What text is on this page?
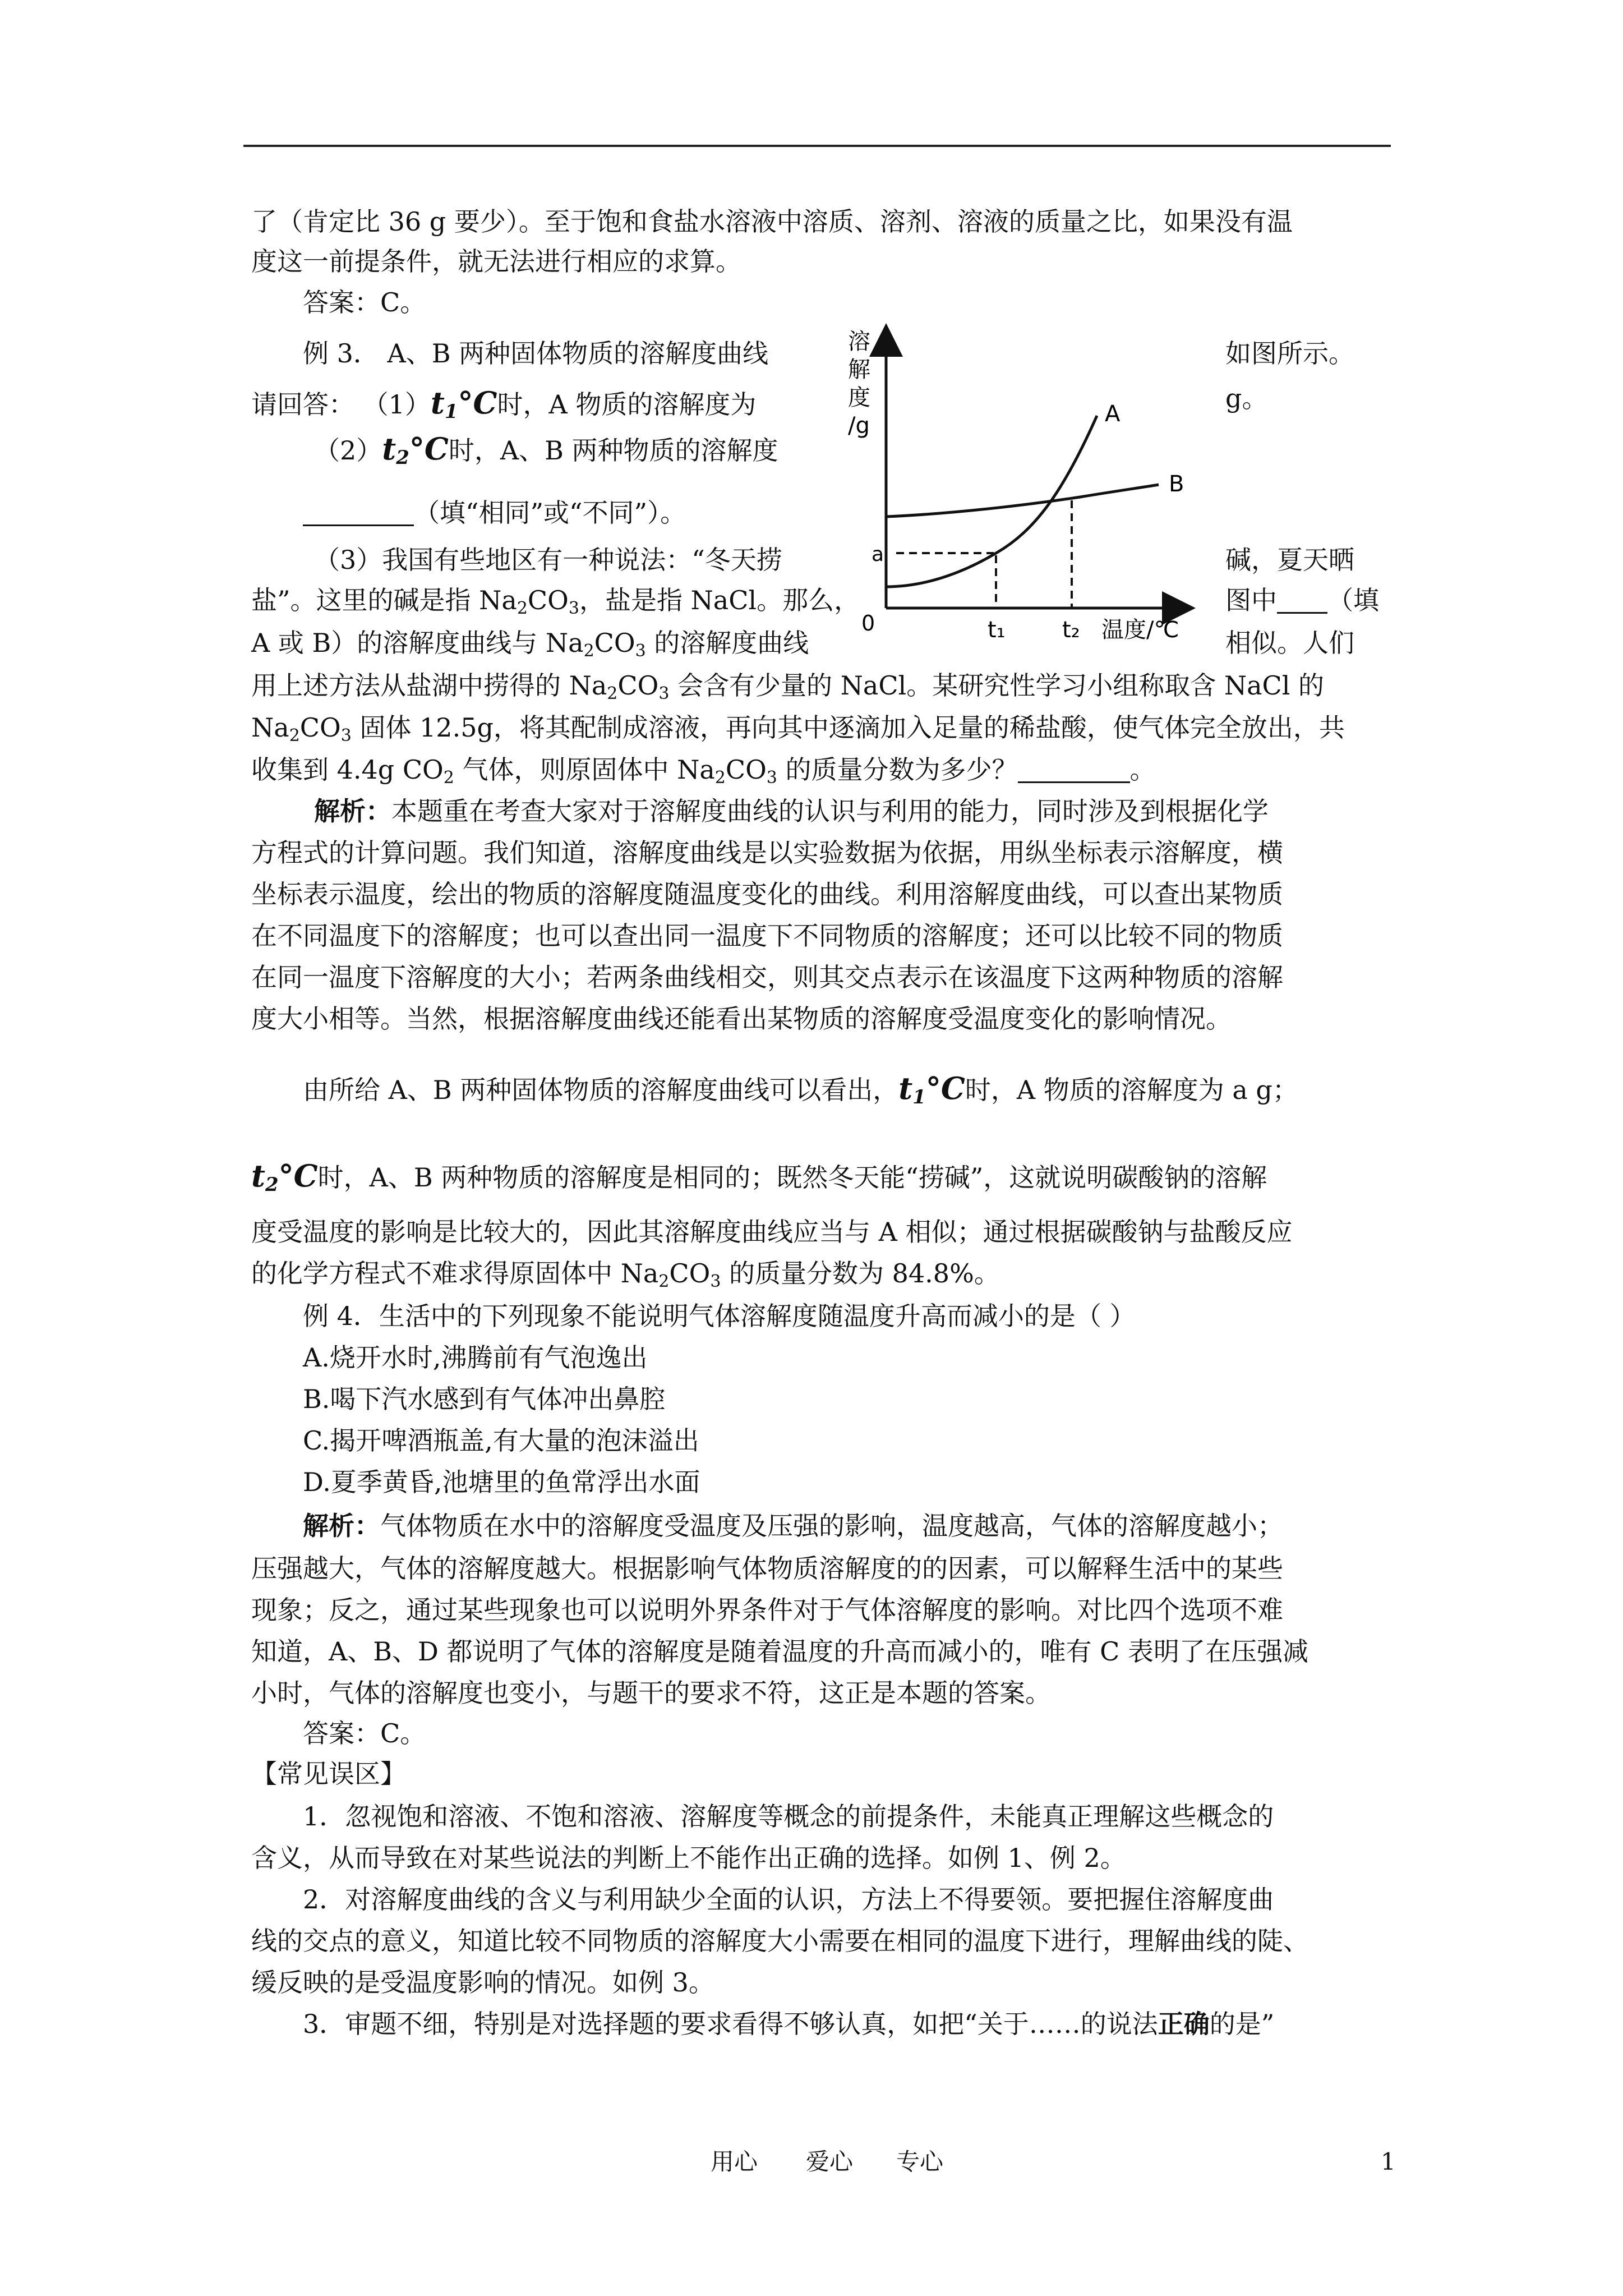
了（肯定比 36 g 要少）。至于饱和食盐水溶液中溶质、溶剂、溶液的质量之比，如果没有温
度这一前提条件，就无法进行相应的求算。
答案：C。
例 3． A、B 两种固体物质的溶解度曲线	如图所示。
请回答： $(1)t_1^\circ C$时，A 物质的溶解度为	g。
$(2)t_2^\circ C$时，A、B 两种物质的溶解度
（填“相同”或“不同”）。
（3）我国有些地区有一种说法：“冬天捞	碱，夏天晒
盐”。这里的碱是指 $Na_2CO_3$，盐是指 NaCl。那么，	图中 （填
A 或 B）的溶解度曲线与 $Na_2CO_3$ 的溶解度曲线	相似。人们
用上述方法从盐湖中捞得的 $Na_2CO_3$ 会含有少量的 NaCl。某研究性学习小组称取含 NaCl 的
$Na_2CO_3$ 固体 12.5g，将其配制成溶液，再向其中逐滴加入足量的稀盐酸，使气体完全放出，共
收集到 4.4g $CO_2$ 气体，则原固体中 $Na_2CO_3$ 的质量分数为多少？	。
溶
解
度
/g	A
B
a
0	t₁	t₂ 温度/℃
解析：本题重在考查大家对于溶解度曲线的认识与利用的能力，同时涉及到根据化学
方程式的计算问题。我们知道，溶解度曲线是以实验数据为依据，用纵坐标表示溶解度，横
坐标表示温度，绘出的物质的溶解度随温度变化的曲线。利用溶解度曲线，可以查出某物质
在不同温度下的溶解度；也可以查出同一温度下不同物质的溶解度；还可以比较不同的物质
在同一温度下溶解度的大小；若两条曲线相交，则其交点表示在该温度下这两种物质的溶解
度大小相等。当然，根据溶解度曲线还能看出某物质的溶解度受温度变化的影响情况。
由所给 A、B 两种固体物质的溶解度曲线可以看出，$t_1^\circ C$时，A 物质的溶解度为 a g；
$t_2^\circ C$时，A、B 两种物质的溶解度是相同的；既然冬天能“捞碱”，这就说明碳酸钠的溶解
度受温度的影响是比较大的，因此其溶解度曲线应当与 A 相似；通过根据碳酸钠与盐酸反应
的化学方程式不难求得原固体中 $Na_2CO_3$ 的质量分数为 84.8%。
例 4．生活中的下列现象不能说明气体溶解度随温度升高而减小的是（ ）
A.烧开水时,沸腾前有气泡逸出
B.喝下汽水感到有气体冲出鼻腔
C.揭开啤酒瓶盖,有大量的泡沫溢出
D.夏季黄昏,池塘里的鱼常浮出水面
解析：气体物质在水中的溶解度受温度及压强的影响，温度越高，气体的溶解度越小；
压强越大，气体的溶解度越大。根据影响气体物质溶解度的的因素，可以解释生活中的某些
现象；反之，通过某些现象也可以说明外界条件对于气体溶解度的影响。对比四个选项不难
知道，A、B、D 都说明了气体的溶解度是随着温度的升高而减小的，唯有 C 表明了在压强减
小时，气体的溶解度也变小，与题干的要求不符，这正是本题的答案。
答案：C。
【常见误区】
1．忽视饱和溶液、不饱和溶液、溶解度等概念的前提条件，未能真正理解这些概念的
含义，从而导致在对某些说法的判断上不能作出正确的选择。如例 1、例 2。
2．对溶解度曲线的含义与利用缺少全面的认识，方法上不得要领。要把握住溶解度曲
线的交点的意义，知道比较不同物质的溶解度大小需要在相同的温度下进行，理解曲线的陡、
缓反映的是受温度影响的情况。如例 3。
3．审题不细，特别是对选择题的要求看得不够认真，如把“关于……的说法正确的是”
用心 爱心 专心	1
